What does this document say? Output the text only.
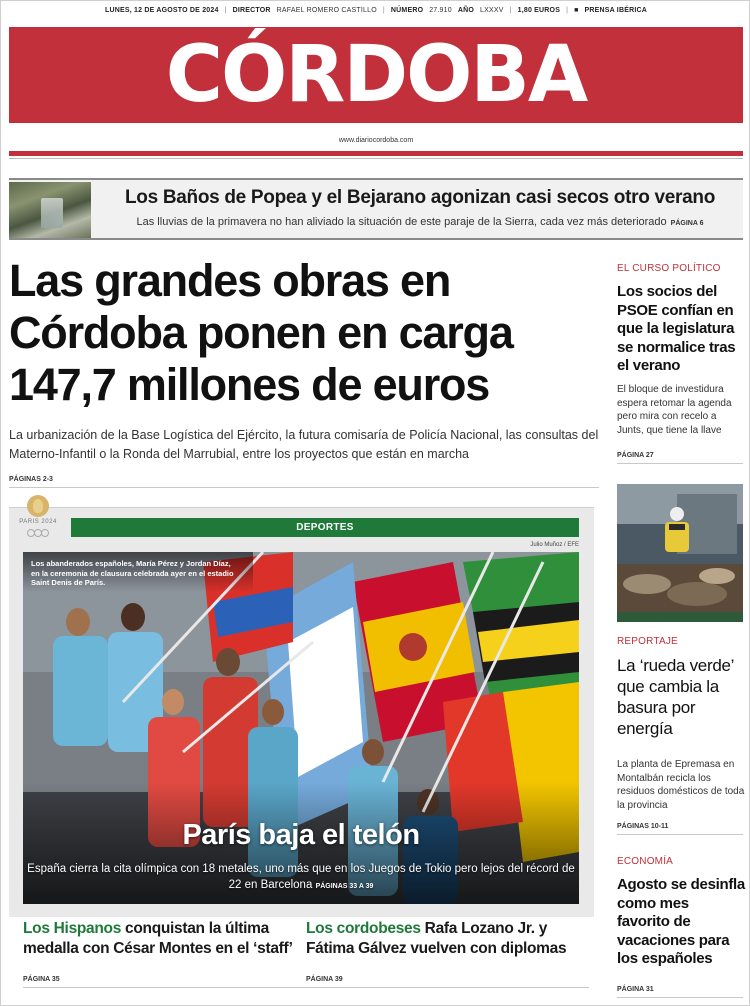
LUNES, 12 DE AGOSTO DE 2024 | DIRECTOR RAFAEL ROMERO CASTILLO | NÚMERO 27.910 AÑO LXXXV | 1,80 EUROS | ■ PRENSA IBÉRICA
CÓRDOBA
www.diariocordoba.com
Los Baños de Popea y el Bejarano agonizan casi secos otro verano
Las lluvias de la primavera no han aliviado la situación de este paraje de la Sierra, cada vez más deteriorado PÁGINA 6
Las grandes obras en Córdoba ponen en carga 147,7 millones de euros
La urbanización de la Base Logística del Ejército, la futura comisaría de Policía Nacional, las consultas del Materno-Infantil o la Ronda del Marrubial, entre los proyectos que están en marcha
PÁGINAS 2-3
PARIS 2024	DEPORTES
Julio Muñoz / EFE
Los abanderados españoles, María Pérez y Jordan Díaz, en la ceremonia de clausura celebrada ayer en el estadio Saint Denis de París.
París baja el telón
España cierra la cita olímpica con 18 metales, uno más que en los Juegos de Tokio pero lejos del récord de 22 en Barcelona PÁGINAS 33 A 39
Los Hispanos conquistan la última medalla con César Montes en el ‘staff’
PÁGINA 35
Los cordobeses Rafa Lozano Jr. y Fátima Gálvez vuelven con diplomas
PÁGINA 39
EL CURSO POLÍTICO
Los socios del PSOE confían en que la legislatura se normalice tras el verano
El bloque de investidura espera retomar la agenda pero mira con recelo a Junts, que tiene la llave
PÁGINA 27
REPORTAJE
La ‘rueda verde’ que cambia la basura por energía
La planta de Epremasa en Montalbán recicla los residuos domésticos de toda la provincia
PÁGINAS 10-11
ECONOMÍA
Agosto se desinfla como mes favorito de vacaciones para los españoles
PÁGINA 31
